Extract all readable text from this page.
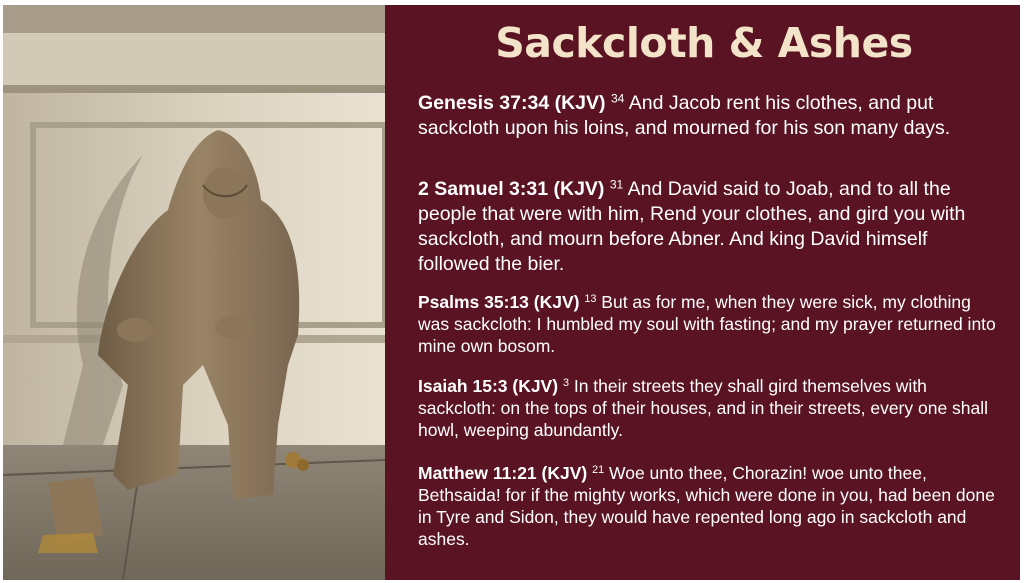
Sackcloth & Ashes
Genesis 37:34 (KJV) $^{34}$ And Jacob rent his clothes, and put sackcloth upon his loins, and mourned for his son many days.
2 Samuel 3:31 (KJV) $^{31}$ And David said to Joab, and to all the people that were with him, Rend your clothes, and gird you with sackcloth, and mourn before Abner. And king David himself followed the bier.
Psalms 35:13 (KJV) $^{13}$ But as for me, when they were sick, my clothing was sackcloth: I humbled my soul with fasting; and my prayer returned into mine own bosom.
Isaiah 15:3 (KJV) $^3$ In their streets they shall gird themselves with sackcloth: on the tops of their houses, and in their streets, every one shall howl, weeping abundantly.
Matthew 11:21 (KJV) $^{21}$ Woe unto thee, Chorazin! woe unto thee, Bethsaida! for if the mighty works, which were done in you, had been done in Tyre and Sidon, they would have repented long ago in sackcloth and ashes.
